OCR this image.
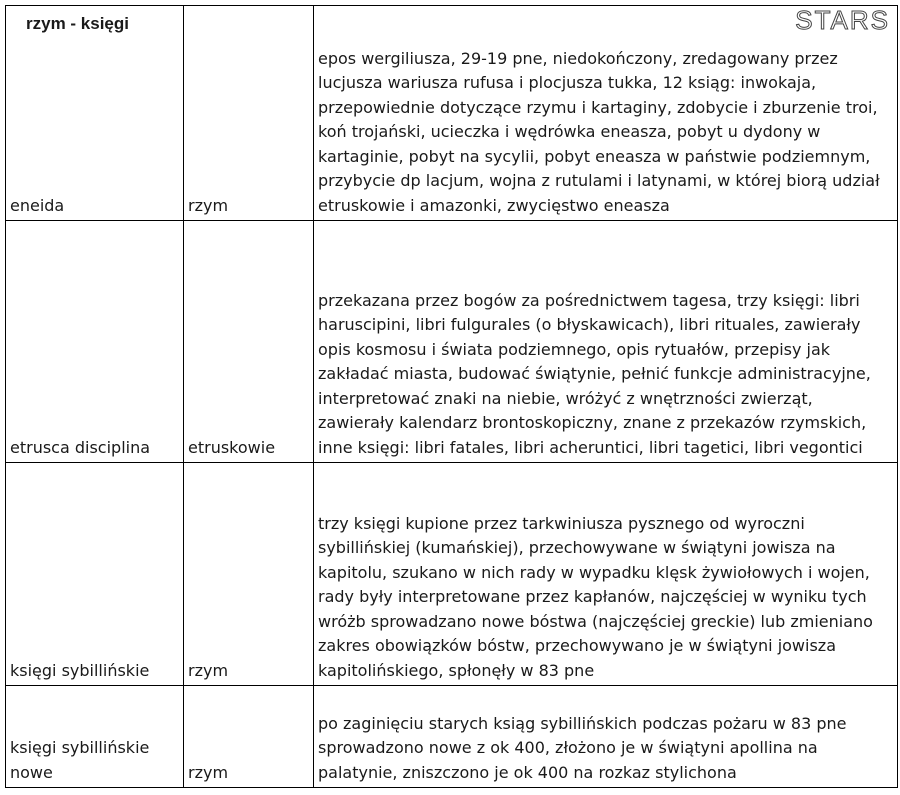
STARS
rzym - księgi
eneida	rzym	epos wergiliusza, 29-19 pne, niedokończony, zredagowany przez lucjusza wariusza rufusa i plocjusza tukka, 12 ksiąg: inwokaja, przepowiednie dotyczące rzymu i kartaginy, zdobycie i zburzenie troi, koń trojański, ucieczka i wędrówka eneasza, pobyt u dydony w kartaginie, pobyt na sycylii, pobyt eneasza w państwie podziemnym, przybycie dp lacjum, wojna z rutulami i latynami, w której biorą udział etruskowie i amazonki, zwycięstwo eneasza
etrusca disciplina	etruskowie	przekazana przez bogów za pośrednictwem tagesa, trzy księgi: libri haruscipini, libri fulgurales (o błyskawicach), libri rituales, zawierały opis kosmosu i świata podziemnego, opis rytuałów, przepisy jak zakładać miasta, budować świątynie, pełnić funkcje administracyjne, interpretować znaki na niebie, wróżyć z wnętrzności zwierząt, zawierały kalendarz brontoskopiczny, znane z przekazów rzymskich, inne księgi: libri fatales, libri acheruntici, libri tagetici, libri vegontici
księgi sybillińskie	rzym	trzy księgi kupione przez tarkwiniusza pysznego od wyroczni sybillińskiej (kumańskiej), przechowywane w świątyni jowisza na kapitolu, szukano w nich rady w wypadku klęsk żywiołowych i wojen, rady były interpretowane przez kapłanów, najczęściej w wyniku tych wróżb sprowadzano nowe bóstwa (najczęściej greckie) lub zmieniano zakres obowiązków bóstw, przechowywano je w świątyni jowisza kapitolińskiego, spłonęły w 83 pne
księgi sybillińskie nowe	rzym	po zaginięciu starych ksiąg sybillińskich podczas pożaru w 83 pne sprowadzono nowe z ok 400, złożono je w świątyni apollina na palatynie, zniszczono je ok 400 na rozkaz stylichona
